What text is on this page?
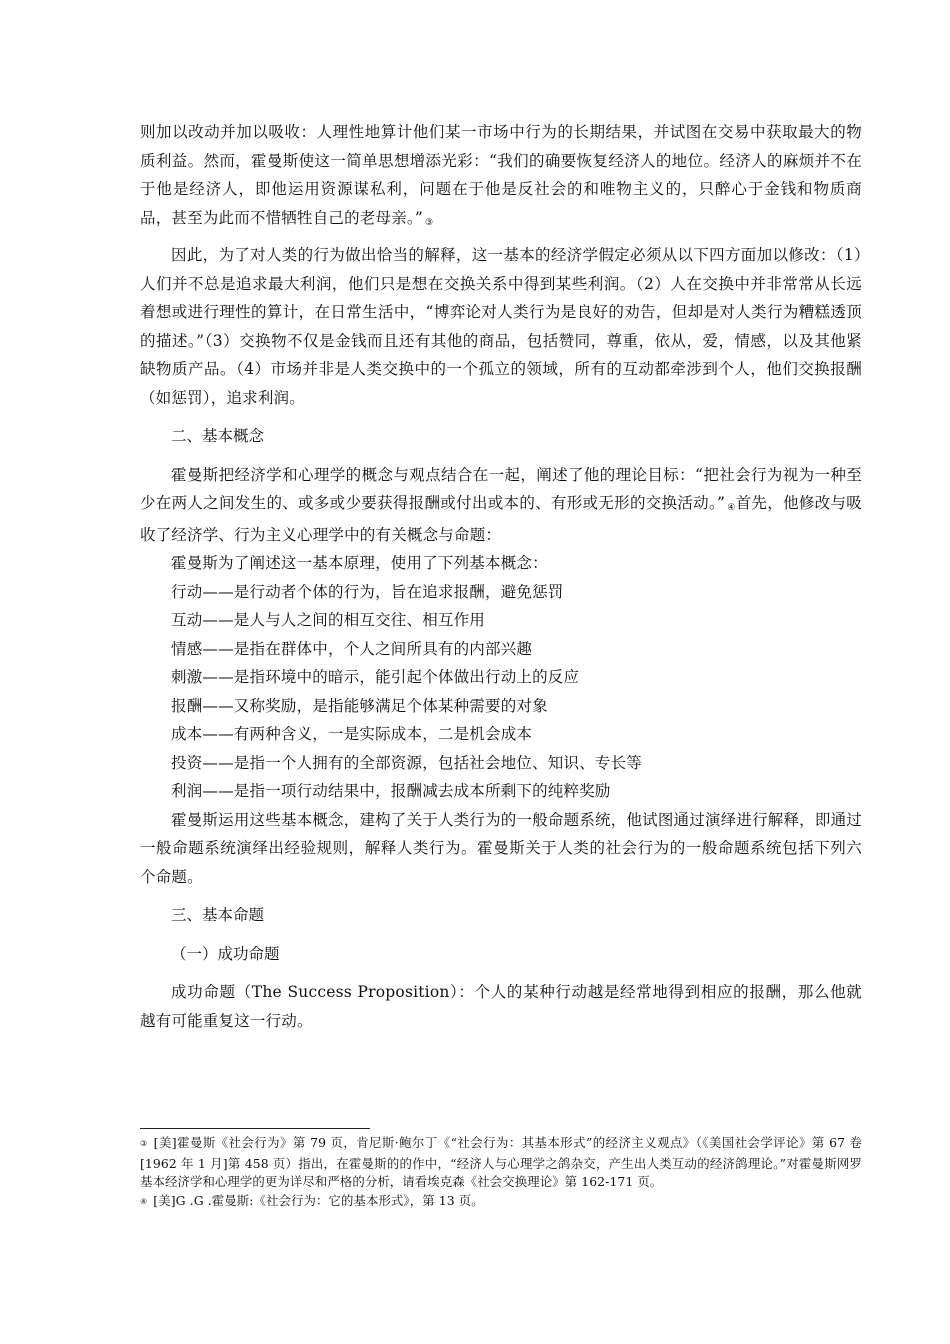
则加以改动并加以吸收：人理性地算计他们某一市场中行为的长期结果，并试图在交易中获取最大的物质利益。然而，霍曼斯使这一简单思想增添光彩：“我们的确要恢复经济人的地位。经济人的麻烦并不在于他是经济人，即他运用资源谋私利，问题在于他是反社会的和唯物主义的，只醉心于金钱和物质商品，甚至为此而不惜牺牲自己的老母亲。” ③

因此，为了对人类的行为做出恰当的解释，这一基本的经济学假定必须从以下四方面加以修改：（1）人们并不总是追求最大利润，他们只是想在交换关系中得到某些利润。（2）人在交换中并非常常从长远着想或进行理性的算计，在日常生活中，“博弈论对人类行为是良好的劝告，但却是对人类行为糟糕透顶的描述。”（3）交换物不仅是金钱而且还有其他的商品，包括赞同，尊重，依从，爱，情感，以及其他紧缺物质产品。（4）市场并非是人类交换中的一个孤立的领域，所有的互动都牵涉到个人，他们交换报酬（如惩罚），追求利润。

二、基本概念

霍曼斯把经济学和心理学的概念与观点结合在一起，阐述了他的理论目标：“把社会行为视为一种至少在两人之间发生的、或多或少要获得报酬或付出或本的、有形或无形的交换活动。” ④首先，他修改与吸收了经济学、行为主义心理学中的有关概念与命题：

霍曼斯为了阐述这一基本原理，使用了下列基本概念：

行动——是行动者个体的行为，旨在追求报酬，避免惩罚

互动——是人与人之间的相互交往、相互作用

情感——是指在群体中，个人之间所具有的内部兴趣

刺激——是指环境中的暗示，能引起个体做出行动上的反应

报酬——又称奖励，是指能够满足个体某种需要的对象

成本——有两种含义，一是实际成本，二是机会成本

投资——是指一个人拥有的全部资源，包括社会地位、知识、专长等

利润——是指一项行动结果中，报酬减去成本所剩下的纯粹奖励

霍曼斯运用这些基本概念，建构了关于人类行为的一般命题系统，他试图通过演绎进行解释，即通过一般命题系统演绎出经验规则，解释人类行为。霍曼斯关于人类的社会行为的一般命题系统包括下列六个命题。

三、基本命题
（一）成功命题

成功命题（The Success Proposition）：个人的某种行动越是经常地得到相应的报酬，那么他就越有可能重复这一行动。

③ [美]霍曼斯《社会行为》第 79 页，肯尼斯·鲍尔丁《“社会行为：其基本形式”的经济主义观点》（《美国社会学评论》第 67 卷[1962 年 1 月]第 458 页）指出，在霍曼斯的的作中，“经济人与心理学之鸽杂交，产生出人类互动的经济鸽理论。”对霍曼斯网罗基本经济学和心理学的更为详尽和严格的分析，请看埃克森《社会交换理论》第 162-171 页。

④ [美]G .G .霍曼斯:《社会行为：它的基本形式》，第 13 页。
